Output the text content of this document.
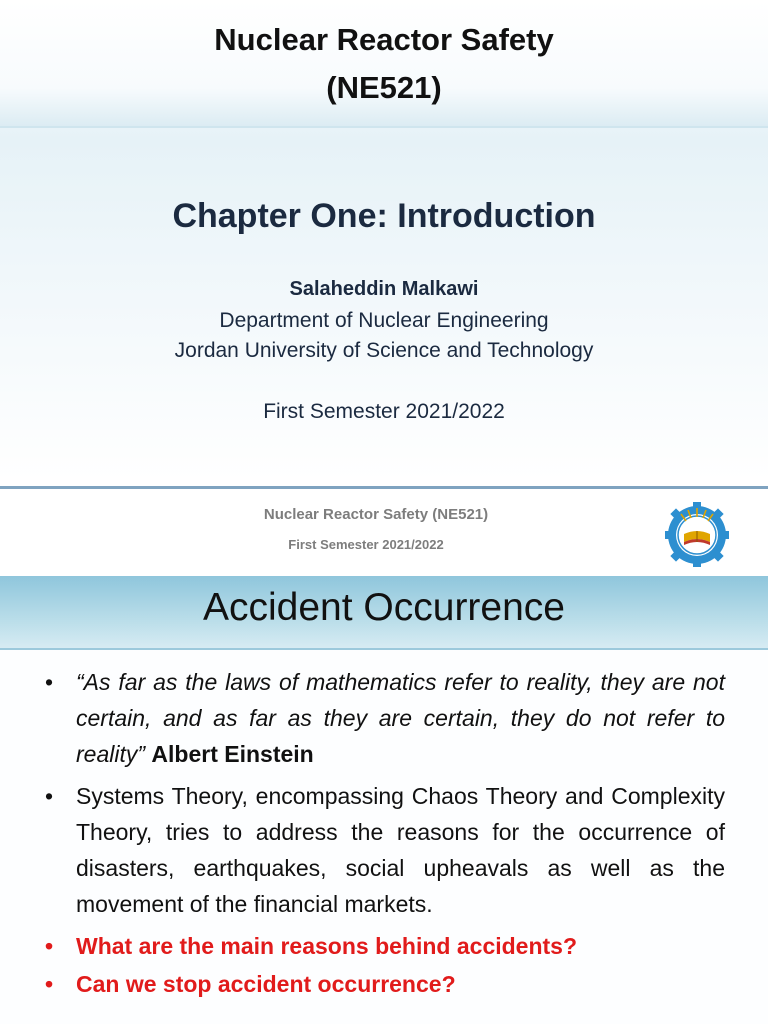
Nuclear Reactor Safety
(NE521)
Chapter One: Introduction
Salaheddin Malkawi
Department of Nuclear Engineering
Jordan University of Science and Technology
First Semester 2021/2022
Nuclear Reactor Safety (NE521)
First Semester 2021/2022
Accident Occurrence
• “As far as the laws of mathematics refer to reality, they are not certain, and as far as they are certain, they do not refer to reality” Albert Einstein
• Systems Theory, encompassing Chaos Theory and Complexity Theory, tries to address the reasons for the occurrence of disasters, earthquakes, social upheavals as well as the movement of the financial markets.
• What are the main reasons behind accidents?
• Can we stop accident occurrence?
